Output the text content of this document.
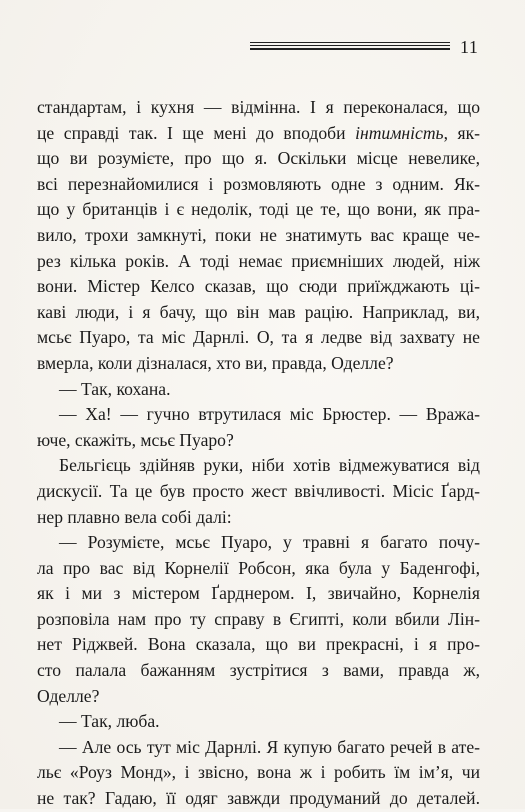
11
стандартам, і кухня — відмінна. І я переконалася, що
це справді так. І ще мені до вподоби інтимність, як-
що ви розумієте, про що я. Оскільки місце невелике,
всі перезнайомилися і розмовляють одне з одним. Як-
що у британців і є недолік, тоді це те, що вони, як пра-
вило, трохи замкнуті, поки не знатимуть вас краще че-
рез кілька років. А тоді немає приємніших людей, ніж
вони. Містер Келсо сказав, що сюди приїжджають ці-
каві люди, і я бачу, що він мав рацію. Наприклад, ви,
мсьє Пуаро, та міс Дарнлі. О, та я ледве від захвату не
вмерла, коли дізналася, хто ви, правда, Оделле?
— Так, кохана.
— Ха! — гучно втрутилася міс Брюстер. — Вража-
юче, скажіть, мсьє Пуаро?
Бельгієць здійняв руки, ніби хотів відмежуватися від
дискусії. Та це був просто жест ввічливості. Місіс Ґард-
нер плавно вела собі далі:
— Розумієте, мсьє Пуаро, у травні я багато почу-
ла про вас від Корнелії Робсон, яка була у Баденгофі,
як і ми з містером Ґарднером. І, звичайно, Корнелія
розповіла нам про ту справу в Єгипті, коли вбили Лін-
нет Ріджвей. Вона сказала, що ви прекрасні, і я про-
сто палала бажанням зустрітися з вами, правда ж,
Оделле?
— Так, люба.
— Але ось тут міс Дарнлі. Я купую багато речей в ате-
льє «Роуз Монд», і звісно, вона ж і робить їм ім’я, чи
не так? Гадаю, її одяг завжди продуманий до деталей.
